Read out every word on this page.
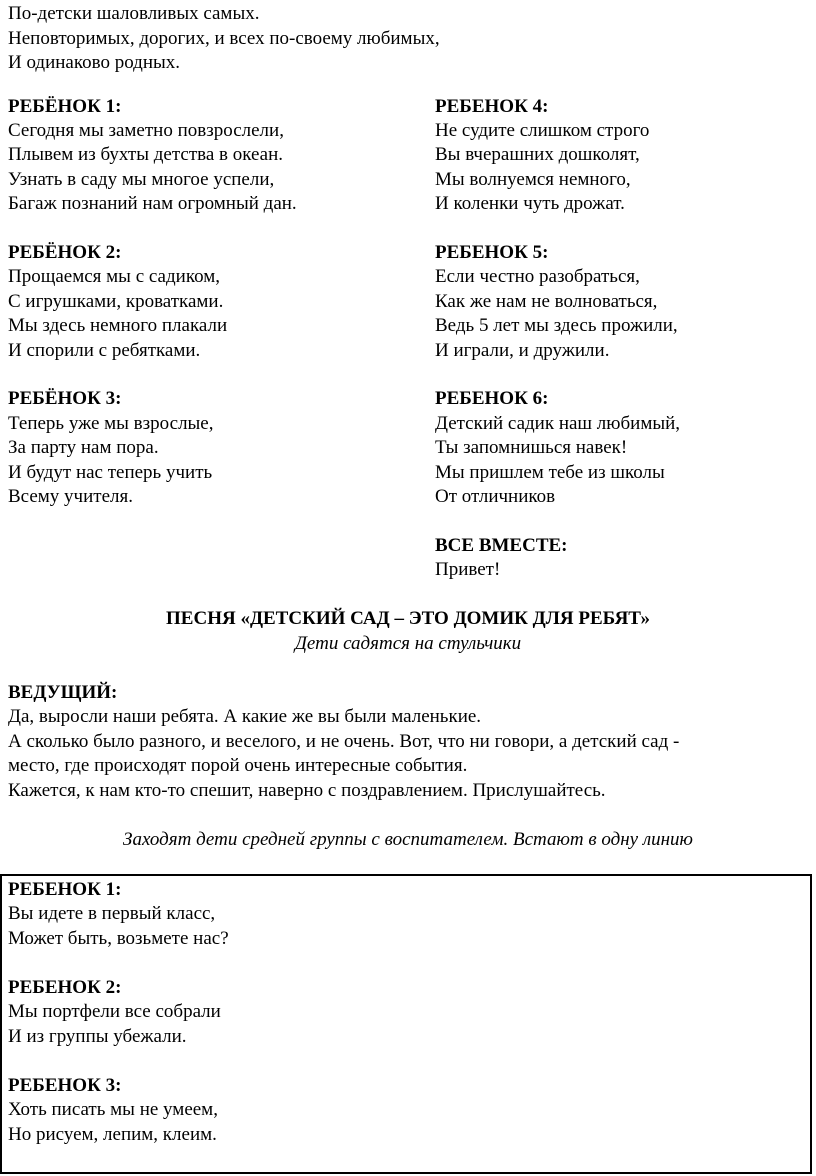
По-детски шаловливых самых.
Неповторимых, дорогих, и всех по-своему любимых,
И одинаково родных.
РЕБЁНОК 1:
Сегодня мы заметно повзрослели,
Плывем из бухты детства в океан.
Узнать в саду мы многое успели,
Багаж познаний нам огромный дан.
РЕБЁНОК 2:
Прощаемся мы с садиком,
С игрушками, кроватками.
Мы здесь немного плакали
И спорили с ребятками.
РЕБЁНОК 3:
Теперь уже мы взрослые,
За парту нам пора.
И будут нас теперь учить
Всему учителя.
РЕБЕНОК 4:
Не судите слишком строго
Вы вчерашних дошколят,
Мы волнуемся немного,
И коленки чуть дрожат.
РЕБЕНОК 5:
Если честно разобраться,
Как же нам не волноваться,
Ведь 5 лет мы здесь прожили,
И играли, и дружили.
РЕБЕНОК 6:
Детский садик наш любимый,
Ты запомнишься навек!
Мы пришлем тебе из школы
От отличников
ВСЕ ВМЕСТЕ:
Привет!
ПЕСНЯ «ДЕТСКИЙ САД – ЭТО ДОМИК ДЛЯ РЕБЯТ»
Дети садятся на стульчики
ВЕДУЩИЙ:
Да, выросли наши ребята. А какие же вы были маленькие.
А сколько было разного, и веселого, и не очень. Вот, что ни говори, а детский сад -
место, где происходят порой очень интересные события.
Кажется, к нам кто-то спешит, наверно с поздравлением. Прислушайтесь.
Заходят дети средней группы с воспитателем. Встают в одну линию
РЕБЕНОК 1:
Вы идете в первый класс,
Может быть, возьмете нас?
РЕБЕНОК 2:
Мы портфели все собрали
И из группы убежали.
РЕБЕНОК 3:
Хоть писать мы не умеем,
Но рисуем, лепим, клеим.
